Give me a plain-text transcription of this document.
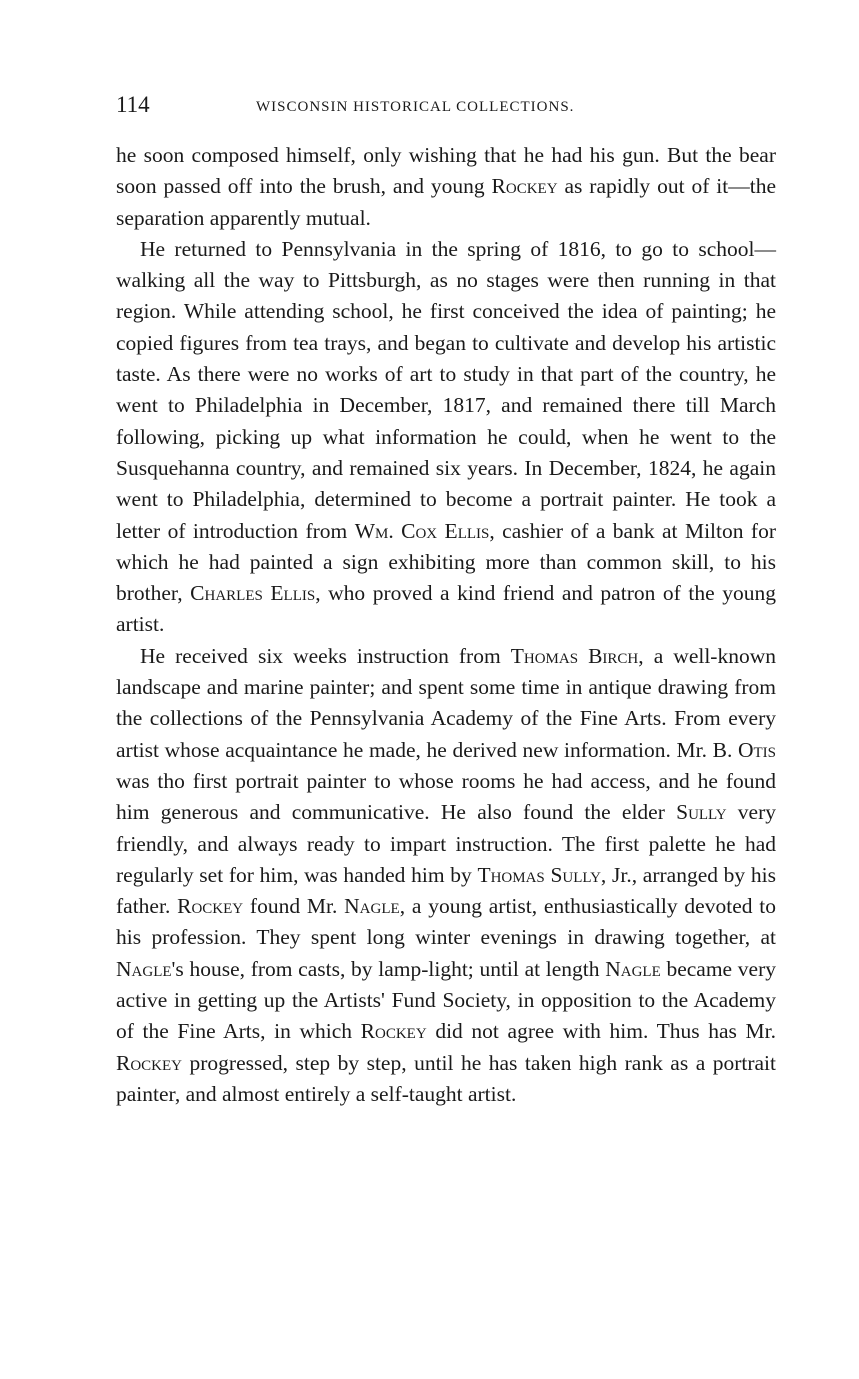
114	WISCONSIN HISTORICAL COLLECTIONS.

he soon composed himself, only wishing that he had his gun. But the bear soon passed off into the brush, and young Rockey as rapidly out of it—the separation apparently mutual.

He returned to Pennsylvania in the spring of 1816, to go to school—walking all the way to Pittsburgh, as no stages were then running in that region. While attending school, he first conceived the idea of painting; he copied figures from tea trays, and began to cultivate and develop his artistic taste. As there were no works of art to study in that part of the country, he went to Philadelphia in December, 1817, and remained there till March following, picking up what information he could, when he went to the Susquehanna country, and remained six years. In December, 1824, he again went to Philadelphia, determined to become a portrait painter. He took a letter of introduction from Wm. Cox Ellis, cashier of a bank at Milton for which he had painted a sign exhibiting more than common skill, to his brother, Charles Ellis, who proved a kind friend and patron of the young artist.

He received six weeks instruction from Thomas Birch, a well-known landscape and marine painter; and spent some time in antique drawing from the collections of the Pennsylvania Academy of the Fine Arts. From every artist whose acquaintance he made, he derived new information. Mr. B. Otis was tho first portrait painter to whose rooms he had access, and he found him generous and communicative. He also found the elder Sully very friendly, and always ready to impart instruction. The first palette he had regularly set for him, was handed him by Thomas Sully, Jr., arranged by his father. Rockey found Mr. Nagle, a young artist, enthusiastically devoted to his profession. They spent long winter evenings in drawing together, at Nagle's house, from casts, by lamp-light; until at length Nagle became very active in getting up the Artists' Fund Society, in opposition to the Academy of the Fine Arts, in which Rockey did not agree with him. Thus has Mr. Rockey progressed, step by step, until he has taken high rank as a portrait painter, and almost entirely a self-taught artist.
